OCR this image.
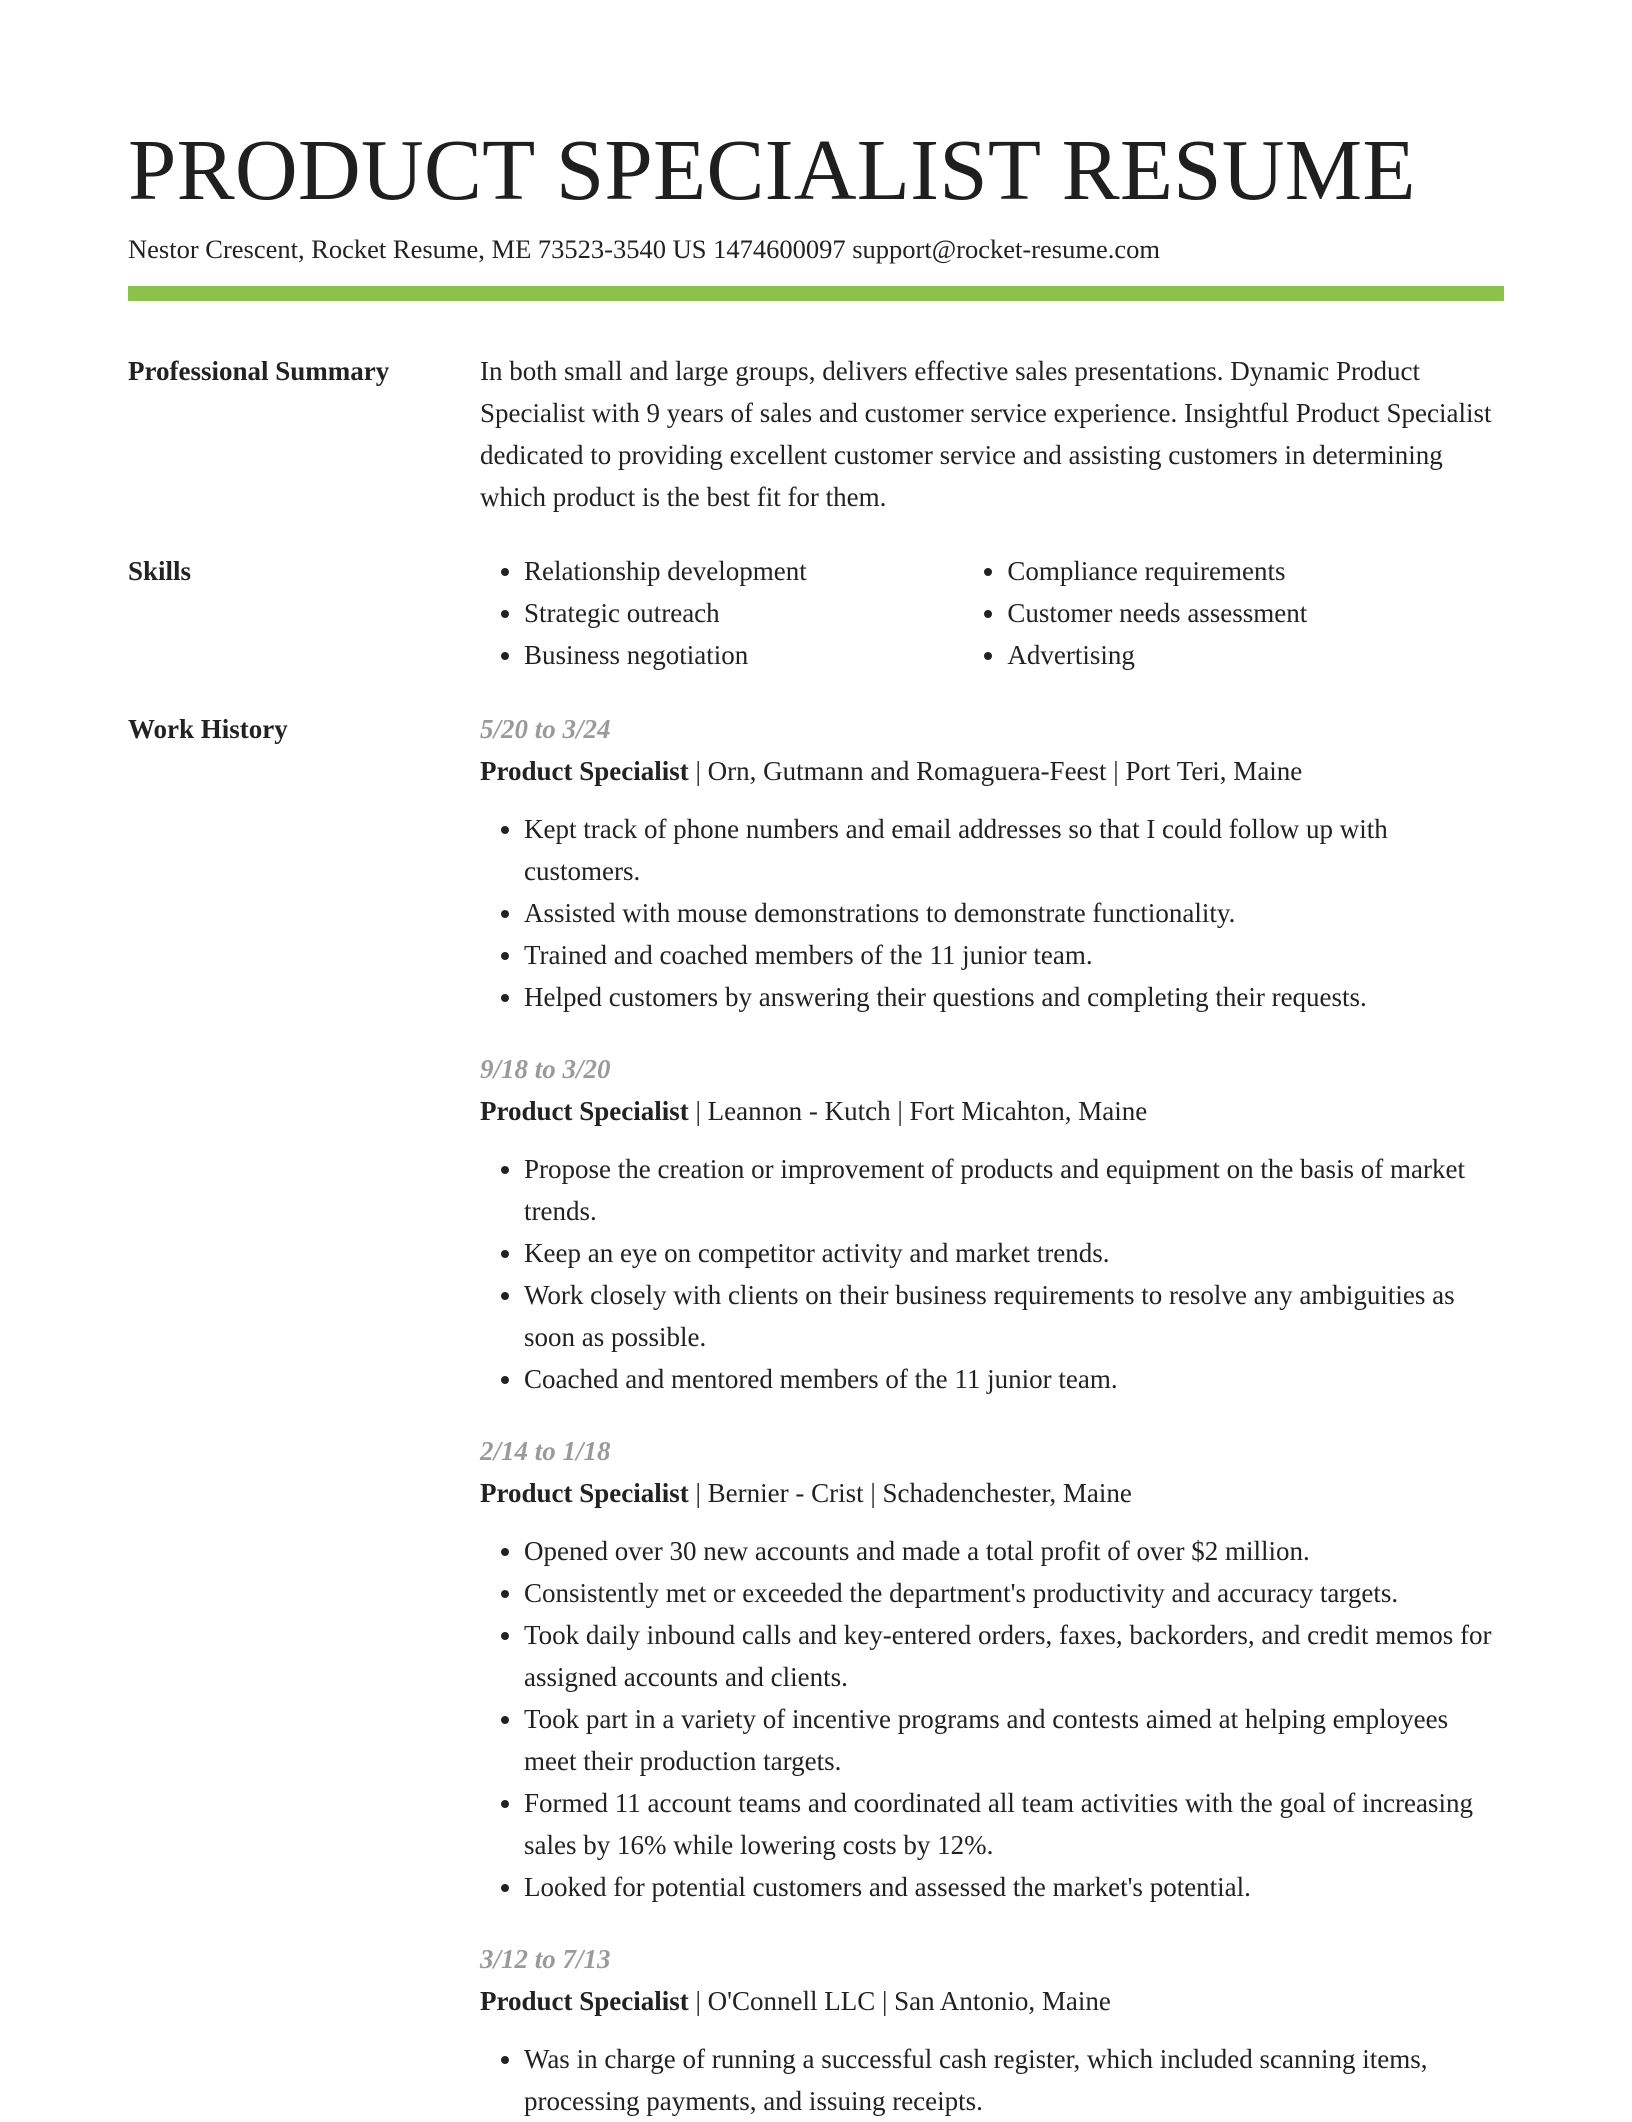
PRODUCT SPECIALIST RESUME
Nestor Crescent, Rocket Resume, ME 73523-3540 US 1474600097 support@rocket-resume.com
Professional Summary	In both small and large groups, delivers effective sales presentations. Dynamic Product Specialist with 9 years of sales and customer service experience. Insightful Product Specialist dedicated to providing excellent customer service and assisting customers in determining which product is the best fit for them.

Skills
•	Relationship development
• Strategic outreach
• Business negotiation
• Compliance requirements
• Customer needs assessment
• Advertising
Work History	5/20 to 3/24
Product Specialist | Orn, Gutmann and Romaguera-Feest | Port Teri, Maine
• Kept track of phone numbers and email addresses so that I could follow up with customers.
• Assisted with mouse demonstrations to demonstrate functionality.
• Trained and coached members of the 11 junior team.
• Helped customers by answering their questions and completing their requests.
9/18 to 3/20
Product Specialist | Leannon - Kutch | Fort Micahton, Maine
• Propose the creation or improvement of products and equipment on the basis of market trends.
• Keep an eye on competitor activity and market trends.
• Work closely with clients on their business requirements to resolve any ambiguities as soon as possible.
• Coached and mentored members of the 11 junior team.
2/14 to 1/18
Product Specialist | Bernier - Crist | Schadenchester, Maine
• Opened over 30 new accounts and made a total profit of over $2 million.
• Consistently met or exceeded the department's productivity and accuracy targets.
• Took daily inbound calls and key-entered orders, faxes, backorders, and credit memos for assigned accounts and clients.
• Took part in a variety of incentive programs and contests aimed at helping employees meet their production targets.
• Formed 11 account teams and coordinated all team activities with the goal of increasing sales by 16% while lowering costs by 12%.
• Looked for potential customers and assessed the market's potential.
3/12 to 7/13
Product Specialist | O'Connell LLC | San Antonio, Maine
• Was in charge of running a successful cash register, which included scanning items, processing payments, and issuing receipts.
